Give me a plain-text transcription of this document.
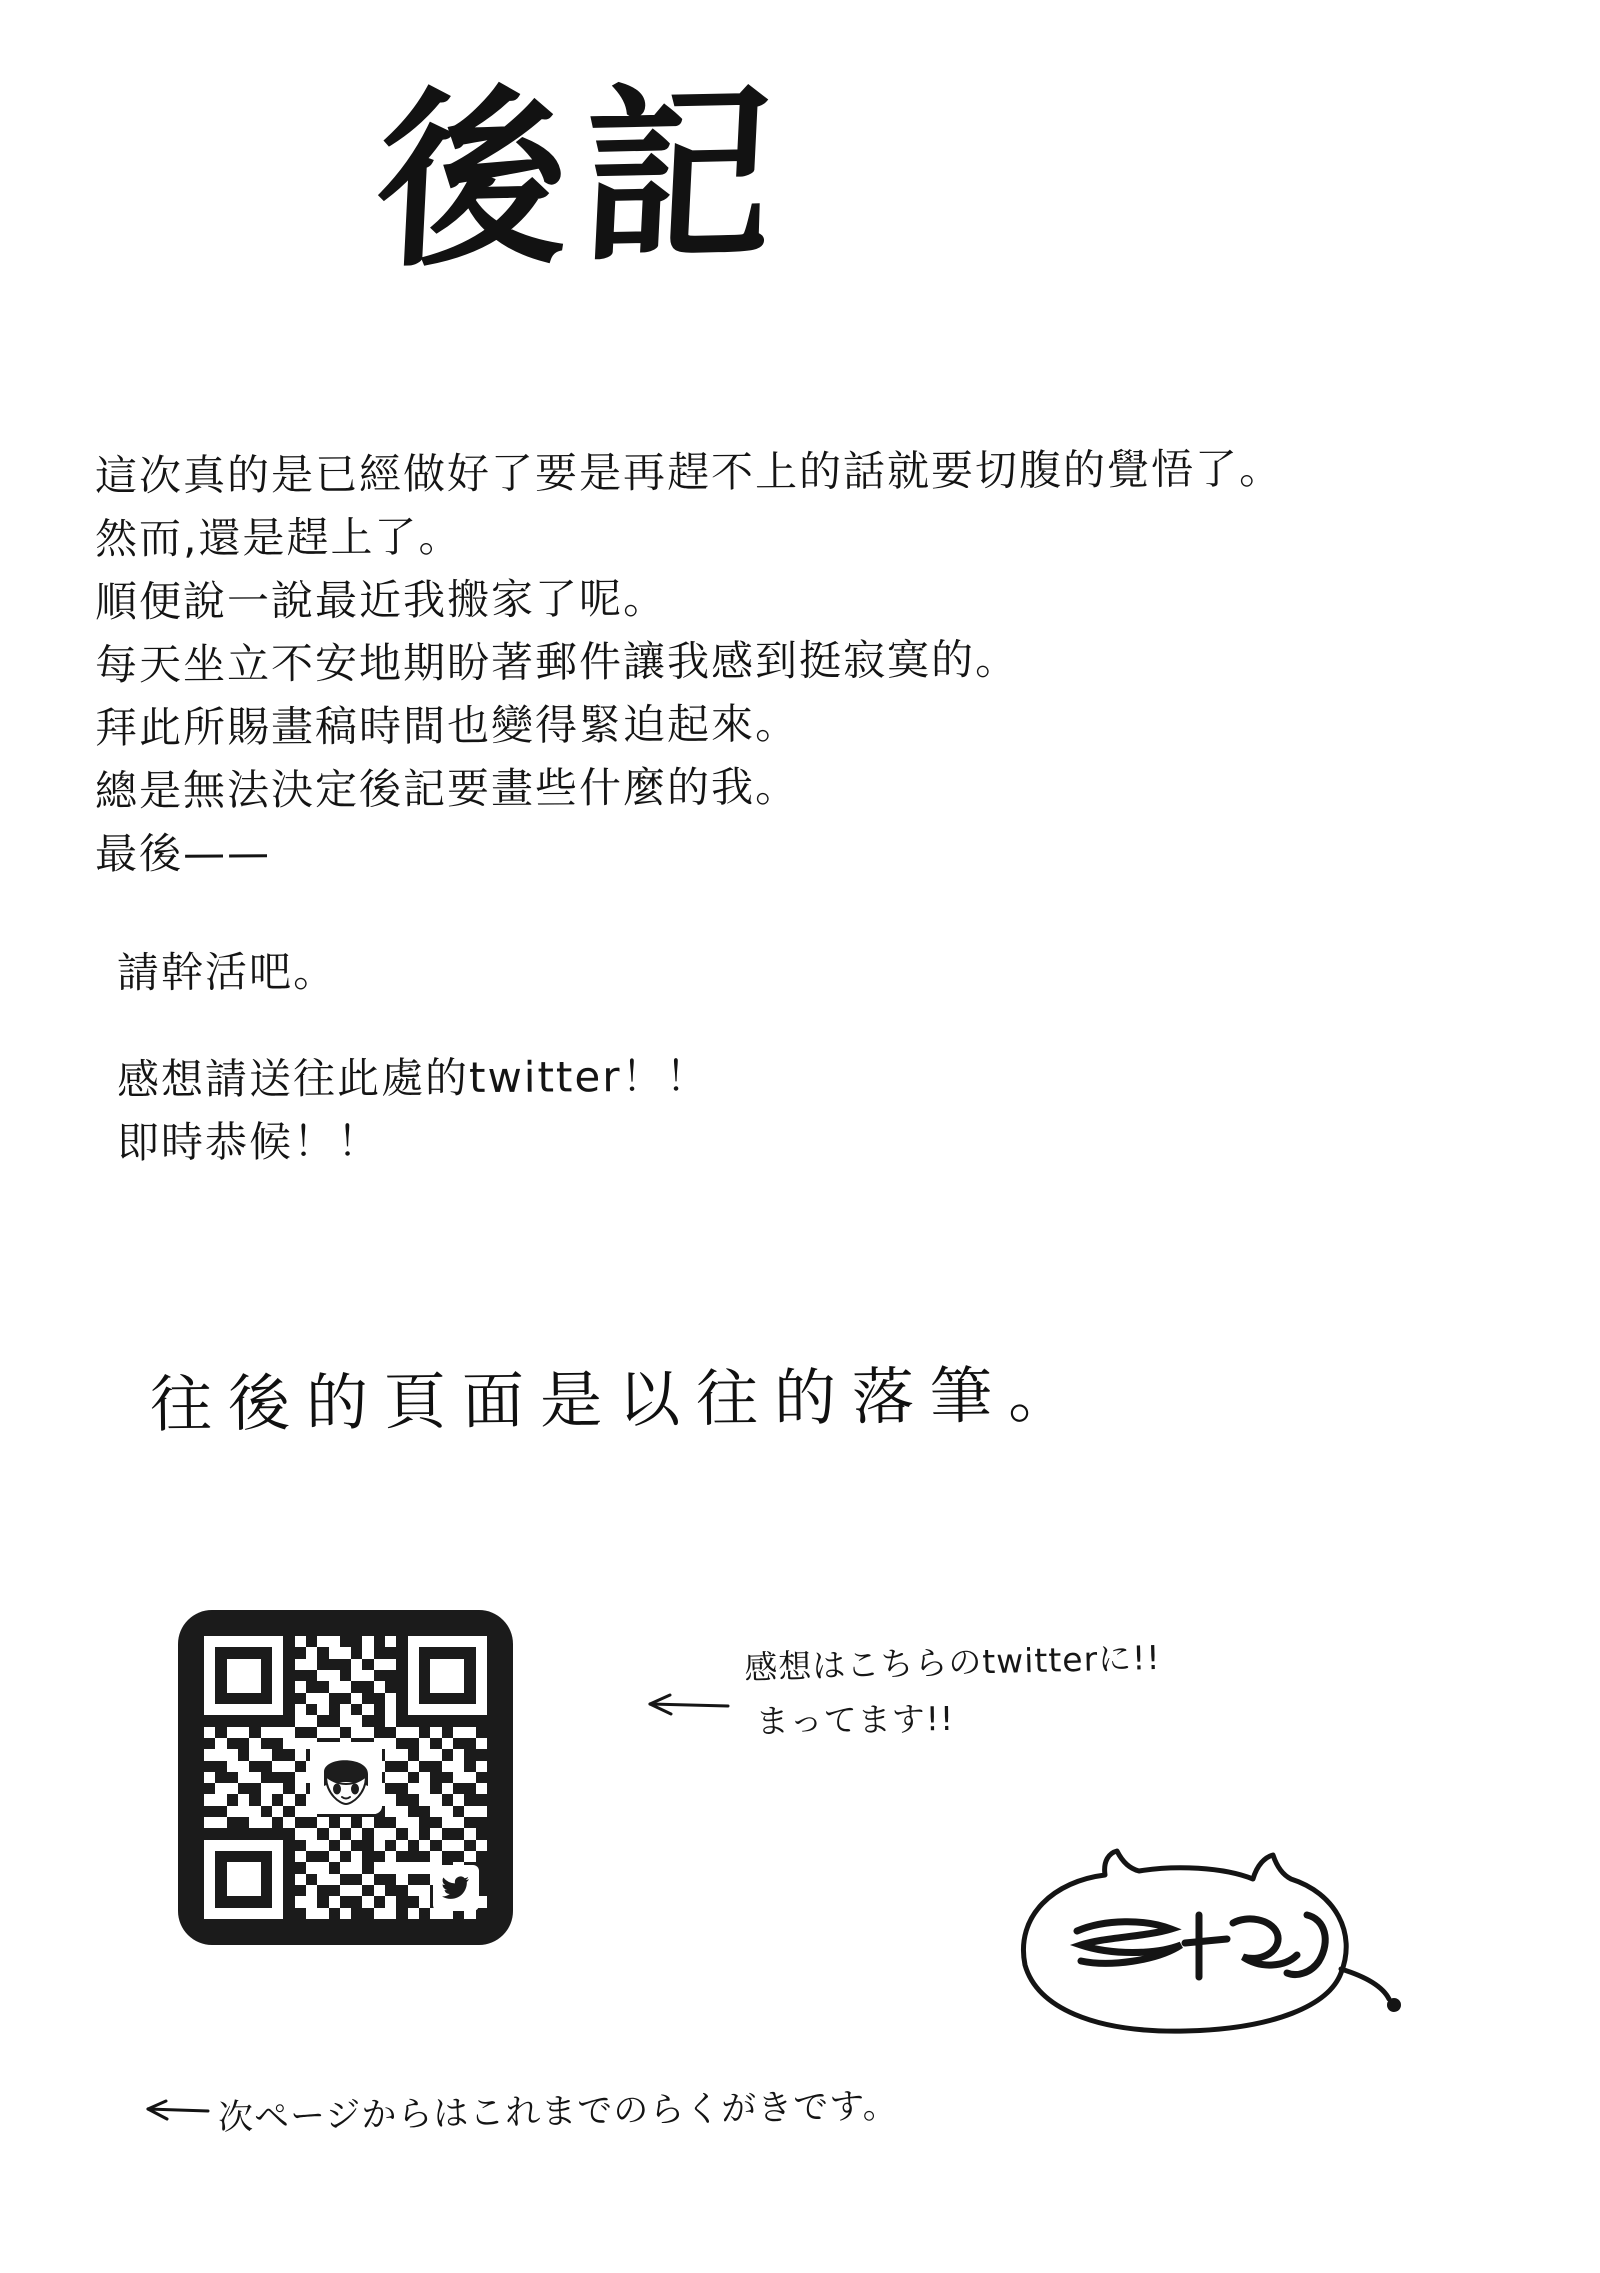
後記
這次真的是已經做好了要是再趕不上的話就要切腹的覺悟了。
然而,還是趕上了。
順便說一說最近我搬家了呢。
每天坐立不安地期盼著郵件讓我感到挺寂寞的。
拜此所賜畫稿時間也變得緊迫起來。
總是無法決定後記要畫些什麼的我。
最後——
請幹活吧。
感想請送往此處的twitter！！
即時恭候！！
往後的頁面是以往的落筆。
感想はこちらのtwitterに!!
まってます!!
次ページからはこれまでのらくがきです。
